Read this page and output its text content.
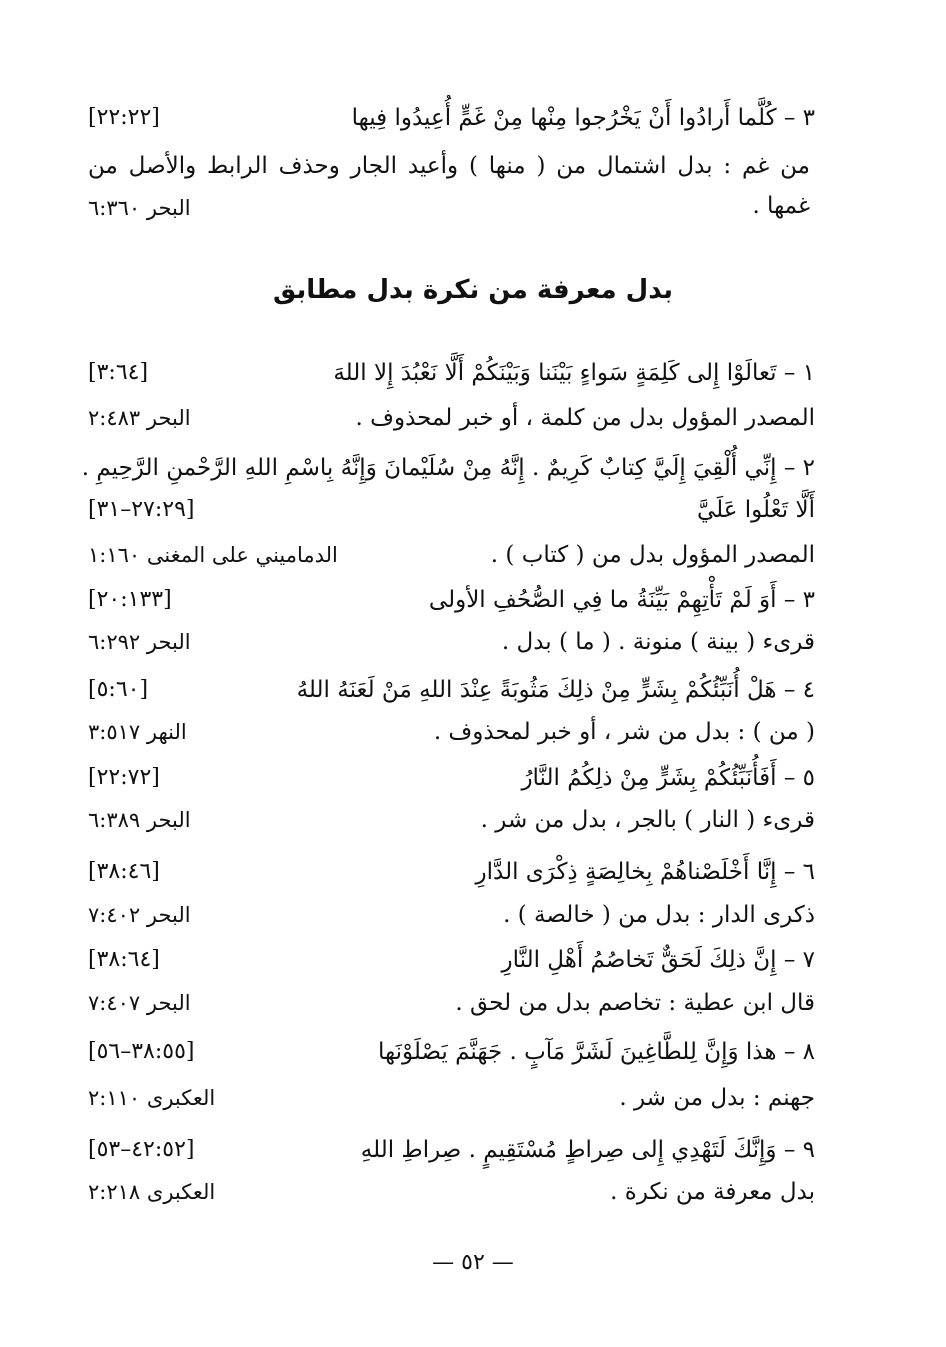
٣ – كُلَّما أَرادُوا أَنْ يَخْرُجوا مِنْها مِنْ غَمٍّ أُعِيدُوا فِيها
[٢٢:٢٢]
من غم : بدل اشتمال من ( منها ) وأعيد الجار وحذف الرابط والأصل من غمها .
البحر ٦:٣٦٠
بدل معرفة من نكرة بدل مطابق
١ – تَعالَوْا إِلى كَلِمَةٍ سَواءٍ بَيْنَنا وَبَيْنَكُمْ أَلَّا نَعْبُدَ إِلا اللهَ
[٣:٦٤]
المصدر المؤول بدل من كلمة ، أو خبر لمحذوف .
البحر ٢:٤٨٣
٢ – إِنِّي أُلْقِيَ إِلَيَّ كِتابٌ كَرِيمٌ . إِنَّهُ مِنْ سُلَيْمانَ وَإِنَّهُ بِاسْمِ اللهِ الرَّحْمنِ الرَّحِيمِ .
أَلَّا تَعْلُوا عَلَيَّ
[٢٧:٢٩–٣١]
المصدر المؤول بدل من ( كتاب ) .
الدماميني على المغنى ١:١٦٠
٣ – أَوَ لَمْ تَأْتِهِمْ بَيِّنَةُ ما فِي الصُّحُفِ الأولى
[٢٠:١٣٣]
قرىء ( بينة ) منونة . ( ما ) بدل .
البحر ٦:٢٩٢
٤ – هَلْ أُنَبِّئُكُمْ بِشَرٍّ مِنْ ذلِكَ مَثُوبَةً عِنْدَ اللهِ مَنْ لَعَنَهُ اللهُ
[٥:٦٠]
( من ) : بدل من شر ، أو خبر لمحذوف .
النهر ٣:٥١٧
٥ – أَفَأُنَبِّئُكُمْ بِشَرٍّ مِنْ ذلِكُمُ النَّارُ
[٢٢:٧٢]
قرىء ( النار ) بالجر ، بدل من شر .
البحر ٦:٣٨٩
٦ – إِنَّا أَخْلَصْناهُمْ بِخالِصَةٍ ذِكْرَى الدَّارِ
[٣٨:٤٦]
ذكرى الدار : بدل من ( خالصة ) .
البحر ٧:٤٠٢
٧ – إِنَّ ذلِكَ لَحَقٌّ تَخاصُمُ أَهْلِ النَّارِ
[٣٨:٦٤]
قال ابن عطية : تخاصم بدل من لحق .
البحر ٧:٤٠٧
٨ – هذا وَإِنَّ لِلطَّاغِينَ لَشَرَّ مَآبٍ . جَهَنَّمَ يَصْلَوْنَها
[٣٨:٥٥–٥٦]
جهنم : بدل من شر .
العكبرى ٢:١١٠
٩ – وَإِنَّكَ لَتَهْدِي إِلى صِراطٍ مُسْتَقِيمٍ . صِراطِ اللهِ
[٤٢:٥٢–٥٣]
بدل معرفة من نكرة .
العكبرى ٢:٢١٨
— ٥٢ —
